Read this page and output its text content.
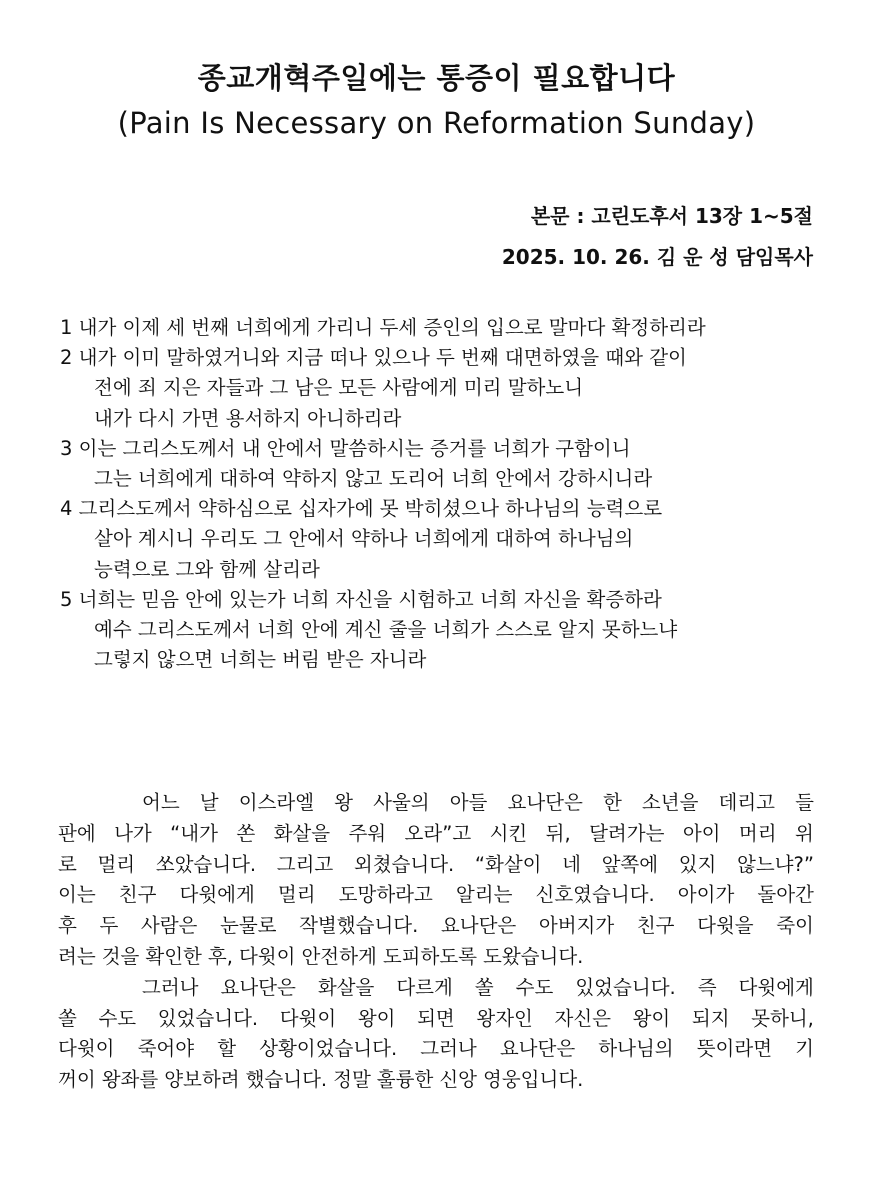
종교개혁주일에는 통증이 필요합니다
(Pain Is Necessary on Reformation Sunday)
본문 : 고린도후서 13장 1~5절
2025. 10. 26. 김 운 성 담임목사
1 내가 이제 세 번째 너희에게 가리니 두세 증인의 입으로 말마다 확정하리라
2 내가 이미 말하였거니와 지금 떠나 있으나 두 번째 대면하였을 때와 같이
전에 죄 지은 자들과 그 남은 모든 사람에게 미리 말하노니
내가 다시 가면 용서하지 아니하리라
3 이는 그리스도께서 내 안에서 말씀하시는 증거를 너희가 구함이니
그는 너희에게 대하여 약하지 않고 도리어 너희 안에서 강하시니라
4 그리스도께서 약하심으로 십자가에 못 박히셨으나 하나님의 능력으로
살아 계시니 우리도 그 안에서 약하나 너희에게 대하여 하나님의
능력으로 그와 함께 살리라
5 너희는 믿음 안에 있는가 너희 자신을 시험하고 너희 자신을 확증하라
예수 그리스도께서 너희 안에 계신 줄을 너희가 스스로 알지 못하느냐
그렇지 않으면 너희는 버림 받은 자니라
어느 날 이스라엘 왕 사울의 아들 요나단은 한 소년을 데리고 들
판에 나가 “내가 쏜 화살을 주워 오라”고 시킨 뒤, 달려가는 아이 머리 위
로 멀리 쏘았습니다. 그리고 외쳤습니다. “화살이 네 앞쪽에 있지 않느냐?”
이는 친구 다윗에게 멀리 도망하라고 알리는 신호였습니다. 아이가 돌아간
후 두 사람은 눈물로 작별했습니다. 요나단은 아버지가 친구 다윗을 죽이
려는 것을 확인한 후, 다윗이 안전하게 도피하도록 도왔습니다.
그러나 요나단은 화살을 다르게 쏠 수도 있었습니다. 즉 다윗에게
쏠 수도 있었습니다. 다윗이 왕이 되면 왕자인 자신은 왕이 되지 못하니,
다윗이 죽어야 할 상황이었습니다. 그러나 요나단은 하나님의 뜻이라면 기
꺼이 왕좌를 양보하려 했습니다. 정말 훌륭한 신앙 영웅입니다.
